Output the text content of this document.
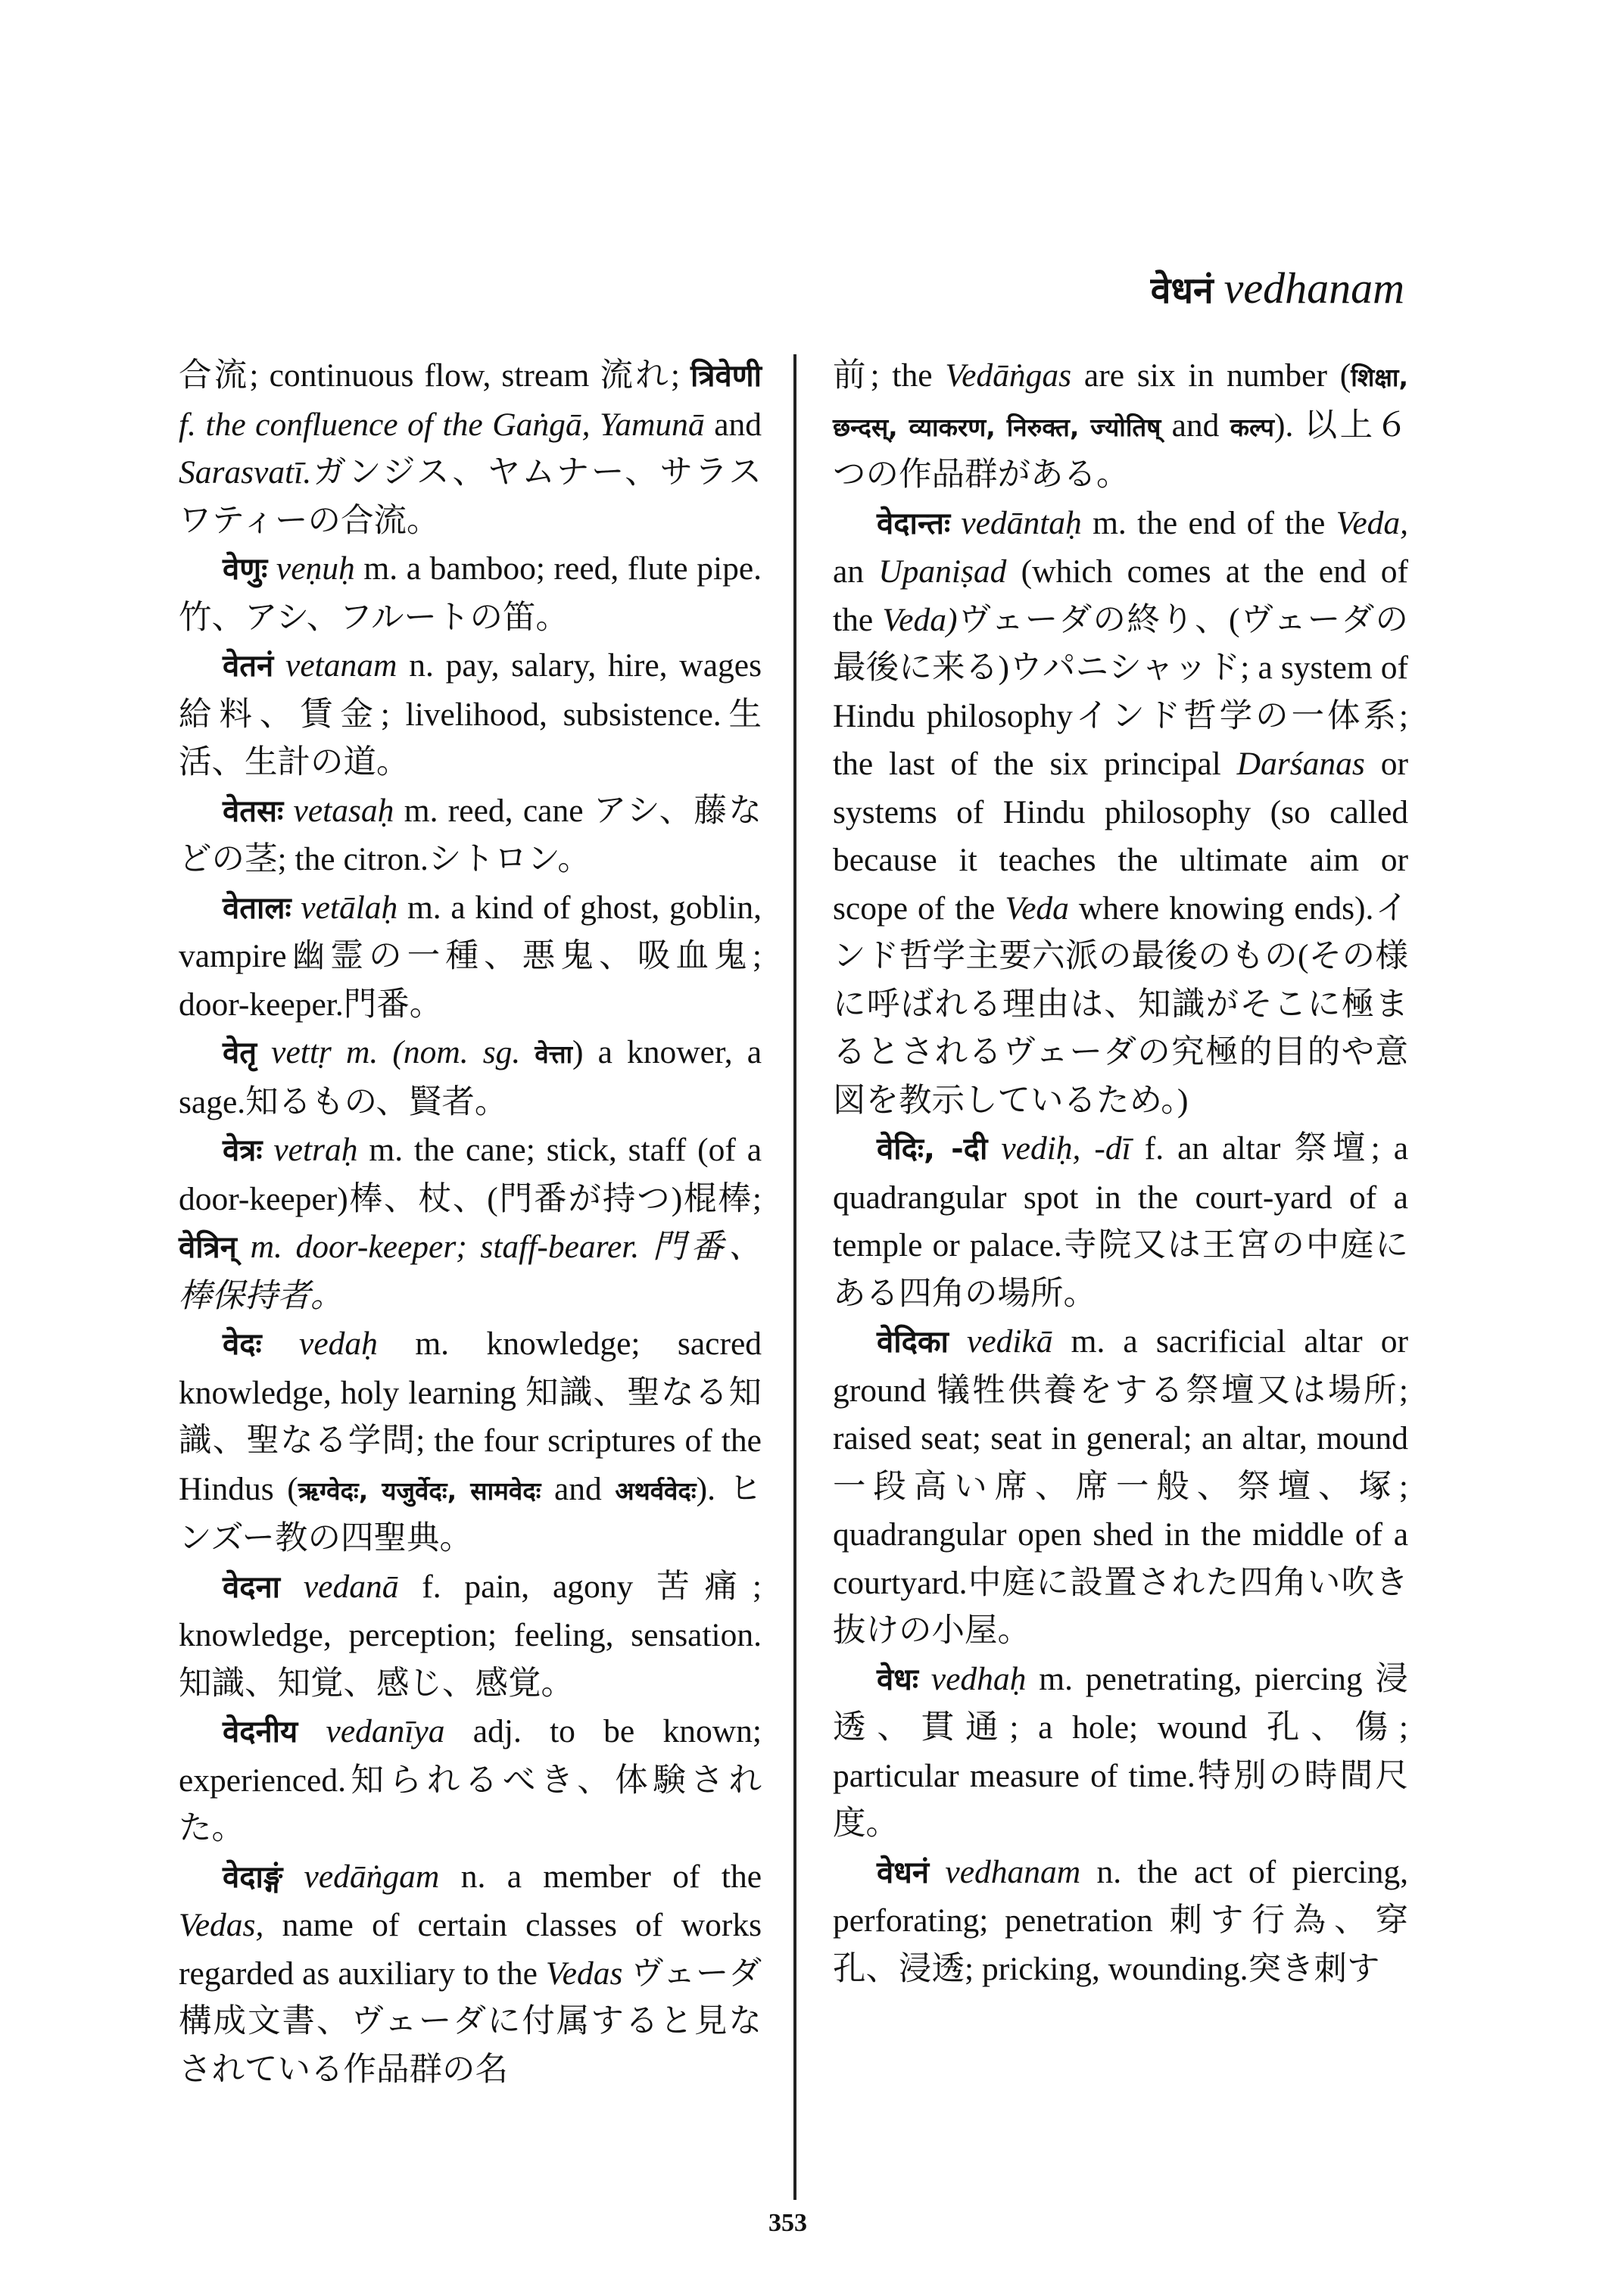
वेधनं vedhanam

合流; continuous flow, stream 流れ; त्रिवेणी f. the confluence of the Gaṅgā, Yamunā and Sarasvatī.ガンジス、ヤムナー、サラスワティーの合流。

वेणुः veṇuḥ m. a bamboo; reed, flute pipe.竹、アシ、フルートの笛。

वेतनं vetanam n. pay, salary, hire, wages 給料、賃金; livelihood, subsistence.生活、生計の道。

वेतसः vetasaḥ m. reed, cane アシ、藤などの茎; the citron.シトロン。

वेतालः vetālaḥ m. a kind of ghost, goblin, vampire幽霊の一種、悪鬼、吸血鬼; door-keeper.門番。

वेतृ vettṛ m. (nom. sg. वेत्ता) a knower, a sage.知るもの、賢者。

वेत्रः vetraḥ m. the cane; stick, staff (of a door-keeper)棒、杖、(門番が持つ)棍棒; वेत्रिन् m. door-keeper; staff-bearer. 門番、棒保持者。

वेदः vedaḥ m. knowledge; sacred knowledge, holy learning 知識、聖なる知識、聖なる学問; the four scriptures of the Hindus (ऋग्वेदः, यजुर्वेदः, सामवेदः and अथर्ववेदः). ヒンズー教の四聖典。

वेदना vedanā f. pain, agony 苦痛; knowledge, perception; feeling, sensation.知識、知覚、感じ、感覚。

वेदनीय vedanīya adj. to be known; experienced.知られるべき、体験された。

वेदाङ्गं vedāṅgam n. a member of the Vedas, name of certain classes of works regarded as auxiliary to the Vedas ヴェーダ構成文書、ヴェーダに付属すると見なされている作品群の名

前; the Vedāṅgas are six in number (शिक्षा, छन्दस्, व्याकरण, निरुक्त, ज्योतिष् and कल्प). 以上６つの作品群がある。

वेदान्तः vedāntaḥ m. the end of the Veda, an Upaniṣad (which comes at the end of the Veda)ヴェーダの終り、(ヴェーダの最後に来る)ウパニシャッド; a system of Hindu philosophyインド哲学の一体系; the last of the six principal Darśanas or systems of Hindu philosophy (so called because it teaches the ultimate aim or scope of the Veda where knowing ends).インド哲学主要六派の最後のもの(その様に呼ばれる理由は、知識がそこに極まるとされるヴェーダの究極的目的や意図を教示しているため。)

वेदिः, -दी vediḥ, -dī f. an altar 祭壇; a quadrangular spot in the court-yard of a temple or palace.寺院又は王宮の中庭にある四角の場所。

वेदिका vedikā m. a sacrificial altar or ground 犠牲供養をする祭壇又は場所; raised seat; seat in general; an altar, mound 一段高い席、席一般、祭壇、塚; quadrangular open shed in the middle of a courtyard.中庭に設置された四角い吹き抜けの小屋。

वेधः vedhaḥ m. penetrating, piercing 浸透、貫通; a hole; wound 孔、傷; particular measure of time.特別の時間尺度。

वेधनं vedhanam n. the act of piercing, perforating; penetration 刺す行為、穿孔、浸透; pricking, wounding.突き刺す

353
